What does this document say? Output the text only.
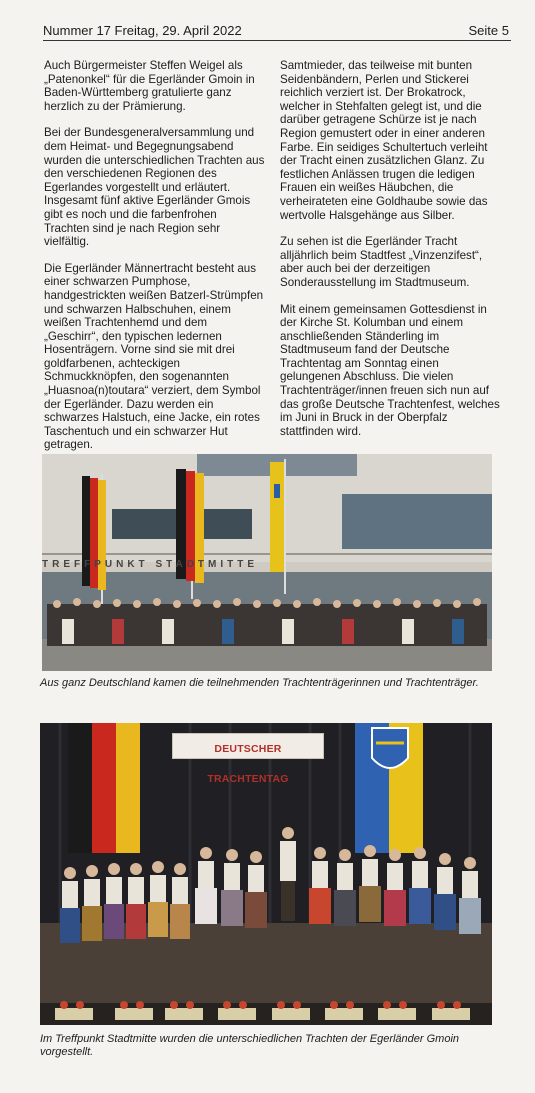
Nummer 17 Freitag, 29. April 2022	Seite 5

Auch Bürgermeister Steffen Weigel als „Patenonkel“ für die Egerländer Gmoin in Baden-Württemberg gratulierte ganz herzlich zu der Prämierung.

Bei der Bundesgeneralversammlung und dem Heimat- und Begegnungsabend wurden die unterschiedlichen Trachten aus den verschiedenen Regionen des Egerlandes vorgestellt und erläutert. Insgesamt fünf aktive Egerländer Gmois gibt es noch und die farbenfrohen Trachten sind je nach Region sehr vielfältig.

Die Egerländer Männertracht besteht aus einer schwarzen Pumphose, handgestrickten weißen Batzerl-Strümpfen und schwarzen Halbschuhen, einem weißen Trachtenhemd und dem „Geschirr“, den typischen ledernen Hosenträgern. Vorne sind sie mit drei goldfarbenen, achteckigen Schmuckknöpfen, den sogenannten „Huasnoa(n)toutara“ verziert, dem Symbol der Egerländer. Dazu werden ein schwarzes Halstuch, eine Jacke, ein rotes Taschentuch und ein schwarzer Hut getragen.

Samtmieder, das teilweise mit bunten Seidenbändern, Perlen und Stickerei reichlich verziert ist. Der Brokatrock, welcher in Stehfalten gelegt ist, und die darüber getragene Schürze ist je nach Region gemustert oder in einer anderen Farbe. Ein seidiges Schultertuch verleiht der Tracht einen zusätzlichen Glanz. Zu festlichen Anlässen trugen die ledigen Frauen ein weißes Häubchen, die verheirateten eine Goldhaube sowie das wertvolle Halsgehänge aus Silber.

Zu sehen ist die Egerländer Tracht alljährlich beim Stadtfest „Vinzenzifest“, aber auch bei der derzeitigen Sonderausstellung im Stadtmuseum.

Mit einem gemeinsamen Gottesdienst in der Kirche St. Kolumban und einem anschließenden Ständerling im Stadtmuseum fand der Deutsche Trachtentag am Sonntag einen gelungenen Abschluss. Die vielen Trachtenträger/innen freuen sich nun auf das große Deutsche Trachtenfest, welches im Juni in Bruck in der Oberpfalz stattfinden wird.

TREFFPUNKT STADTMITTE
Aus ganz Deutschland kamen die teilnehmenden Trachtenträgerinnen und Trachtenträger.
DEUTSCHER TRACHTENTAG
Im Treffpunkt Stadtmitte wurden die unterschiedlichen Trachten der Egerländer Gmoin vorgestellt.
